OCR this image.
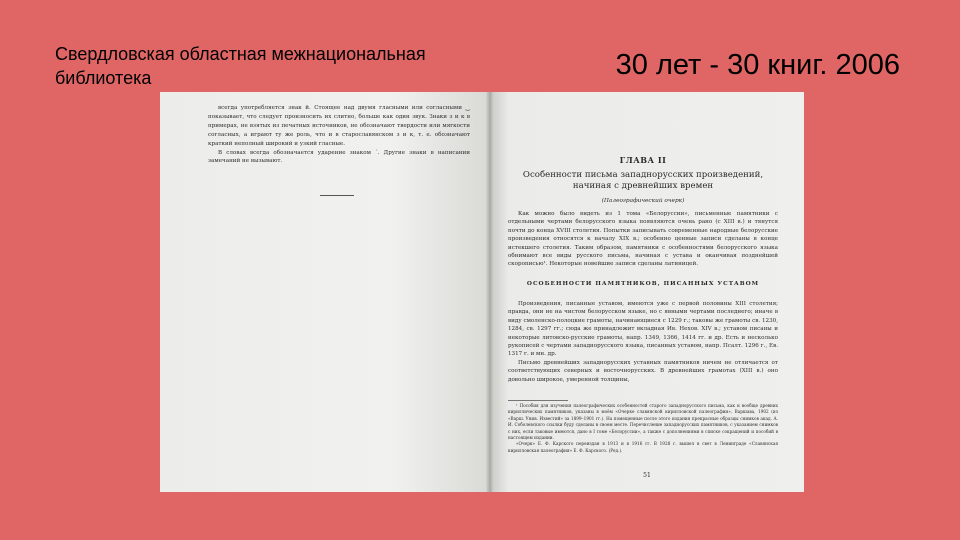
Свердловская областная межнациональная библиотека	30 лет - 30 книг. 2006

всегда употребляется знак ӣ. Стоящее над двумя гласными или согласными ‿ показывает, что следует произносить их слитно, больше как один звук. Знаки з и к в примерах, не взятых из печатных источников, не обозначают твердости или мягкости согласных, а играют ту же роль, что и в старославянском з и к, т. е. обозначают краткий неполный широкий и узкий гласные.

В словах всегда обозначается ударение знаком ´. Другие знаки в написании замечаний не вызывают.	ГЛАВА II
Особенности письма западнорусских произведений, начиная с древнейших времен
(Палеографический очерк)

Как можно было видеть из 1 тома «Белоруссии», письменные памятники с отдельными чертами белорусского языка появляются очень рано (с XIII в.) и тянутся почти до конца XVIII столетия. Попытки записывать современные народные белорусские произведения относятся к началу XIX в.; особенно ценные записи сделаны в конце истекшего столетия. Таким образом, памятники с особенностями белорусского языка обнимают все виды русского письма, начиная с устава и оканчивая позднейшей скорописью¹. Некоторые новейшие записи сделаны латиницей.

ОСОБЕННОСТИ ПАМЯТНИКОВ, ПИСАННЫХ УСТАВОМ

Произведения, писанные уставом, имеются уже с первой половины XIII столетия; правда, они не на чистом белорусском языке, но с явными чертами последнего; иначе в виду смоленско-полоцкие грамоты, начинающиеся с 1229 г.; таковы же грамоты св. 1230, 1284, св. 1297 гг.; сюда же принадлежит вкладная Ив. Нехов. XIV в.; уставом писаны и некоторые литовско-русские грамоты, напр. 1349, 1366, 1414 гг. и др. Есть и несколько рукописей с чертами западнорусского языка, писанных уставом, напр. Псалт. 1296 г., Ев. 1317 г. и мн. др.

Письмо древнейших западнорусских уставных памятников ничем не отличается от соответствующих северных и восточнорусских. В древнейших грамотах (XIII в.) оно довольно широкое, умеренной толщины,

¹ Пособия для изучения палеографических особенностей старого западнорусского письма, как и вообще древних кириллических памятников, указаны в моём «Очерке славянской кирилловской палеографии», Варшава, 1902 (из «Варш. Унив. Известий» за 1899–1901 гг.). На помещенные после этого издания прекрасные образцы снимков акад. А. И. Соболевского ссылки буду сделаны в своем месте. Перечисление западнорусских памятников, с указанием снимков с них, если таковые имеются, дано в I томе «Белоруссии», а также с дополнениями в списке сокращений и пособий в настоящем издании.

«Очерк» Е. Ф. Карского переиздан в 1913 и в 1916 гг. В 1928 г. вышел в свет в Ленинграде «Славянская кирилловская палеография» Е. Ф. Карского. (Ред.).

51
